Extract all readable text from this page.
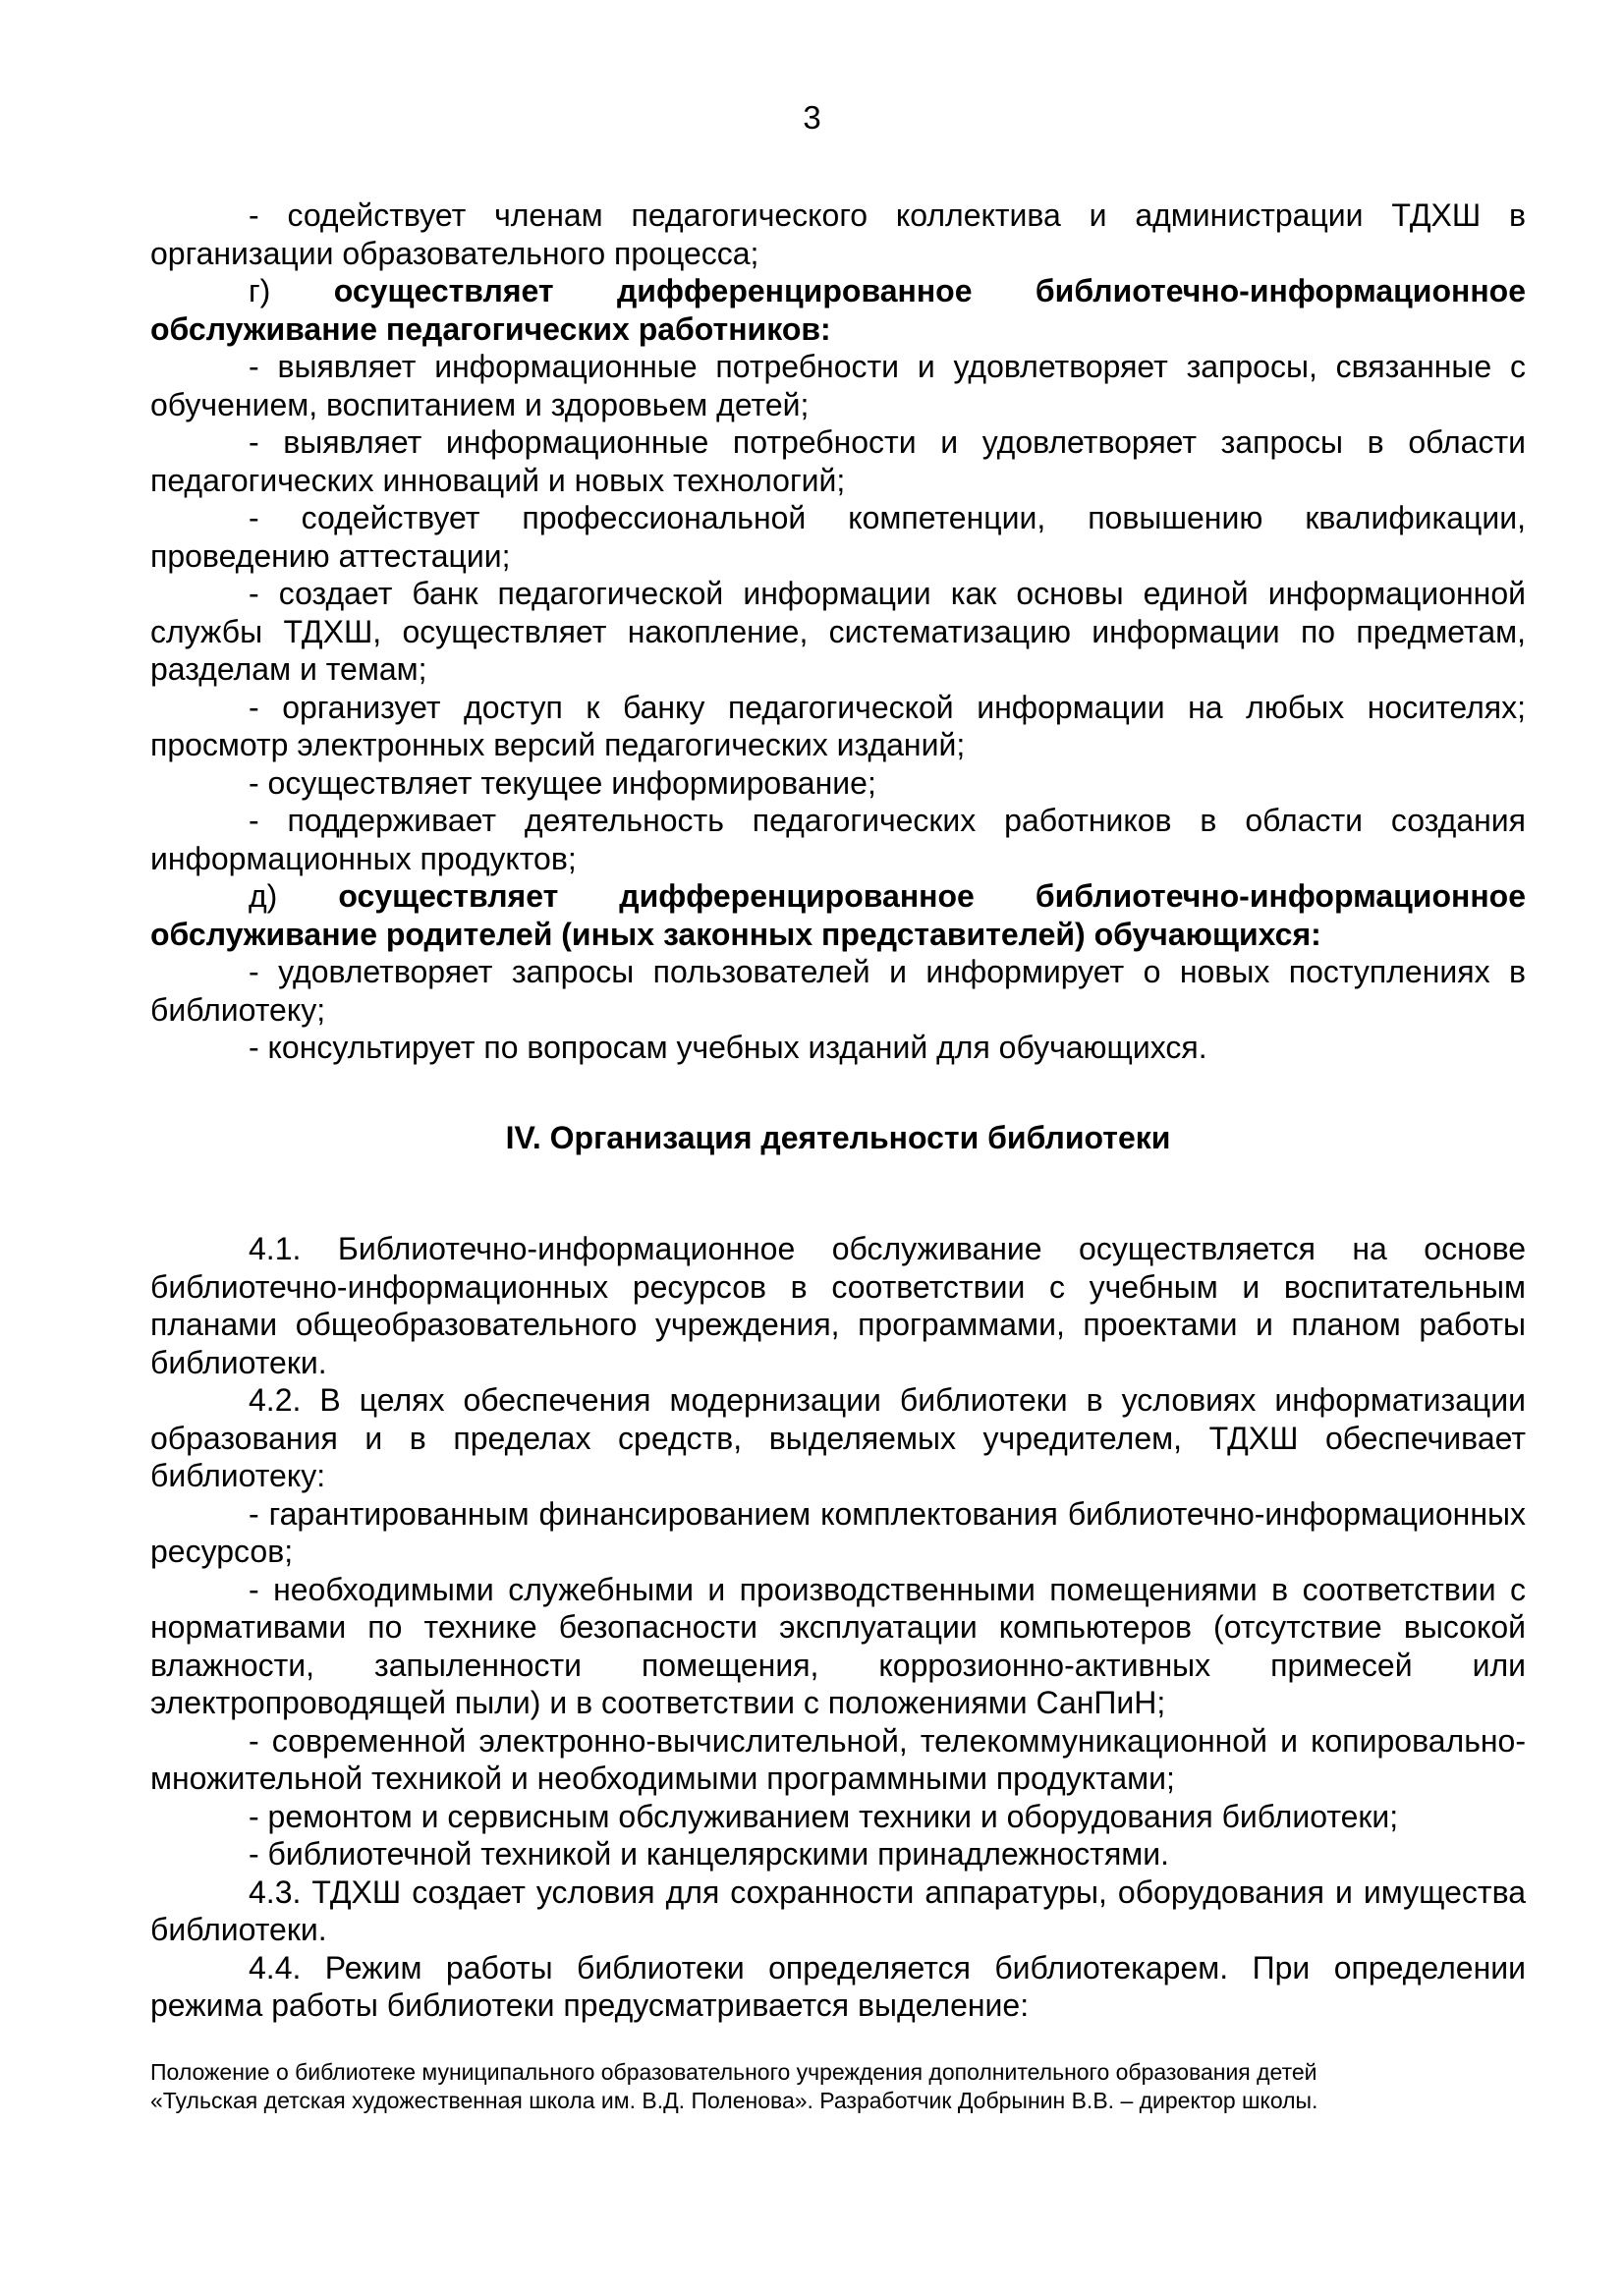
3

- содействует членам педагогического коллектива и администрации ТДХШ в организации образовательного процесса;

г) осуществляет дифференцированное библиотечно-информационное обслуживание педагогических работников:

- выявляет информационные потребности и удовлетворяет запросы, связанные с обучением, воспитанием и здоровьем детей;

- выявляет информационные потребности и удовлетворяет запросы в области педагогических инноваций и новых технологий;

- содействует профессиональной компетенции, повышению квалификации, проведению аттестации;

- создает банк педагогической информации как основы единой информационной службы ТДХШ, осуществляет накопление, систематизацию информации по предметам, разделам и темам;

- организует доступ к банку педагогической информации на любых носителях; просмотр электронных версий педагогических изданий;

- осуществляет текущее информирование;

- поддерживает деятельность педагогических работников в области создания информационных продуктов;

д) осуществляет дифференцированное библиотечно-информационное обслуживание родителей (иных законных представителей) обучающихся:

- удовлетворяет запросы пользователей и информирует о новых поступлениях в библиотеку;

- консультирует по вопросам учебных изданий для обучающихся.

IV. Организация деятельности библиотеки

4.1. Библиотечно-информационное обслуживание осуществляется на основе библиотечно-информационных ресурсов в соответствии с учебным и воспитательным планами общеобразовательного учреждения, программами, проектами и планом работы библиотеки.

4.2. В целях обеспечения модернизации библиотеки в условиях информатизации образования и в пределах средств, выделяемых учредителем, ТДХШ обеспечивает библиотеку:

- гарантированным финансированием комплектования библиотечно-информационных ресурсов;

- необходимыми служебными и производственными помещениями в соответствии с нормативами по технике безопасности эксплуатации компьютеров (отсутствие высокой влажности, запыленности помещения, коррозионно-активных примесей или электропроводящей пыли) и в соответствии с положениями СанПиН;

- современной электронно-вычислительной, телекоммуникационной и копировально-множительной техникой и необходимыми программными продуктами;

- ремонтом и сервисным обслуживанием техники и оборудования библиотеки;

- библиотечной техникой и канцелярскими принадлежностями.

4.3. ТДХШ создает условия для сохранности аппаратуры, оборудования и имущества библиотеки.

4.4. Режим работы библиотеки определяется библиотекарем. При определении режима работы библиотеки предусматривается выделение:

Положение о библиотеке муниципального образовательного учреждения дополнительного образования детей

«Тульская детская художественная школа им. В.Д. Поленова». Разработчик Добрынин В.В. – директор школы.
